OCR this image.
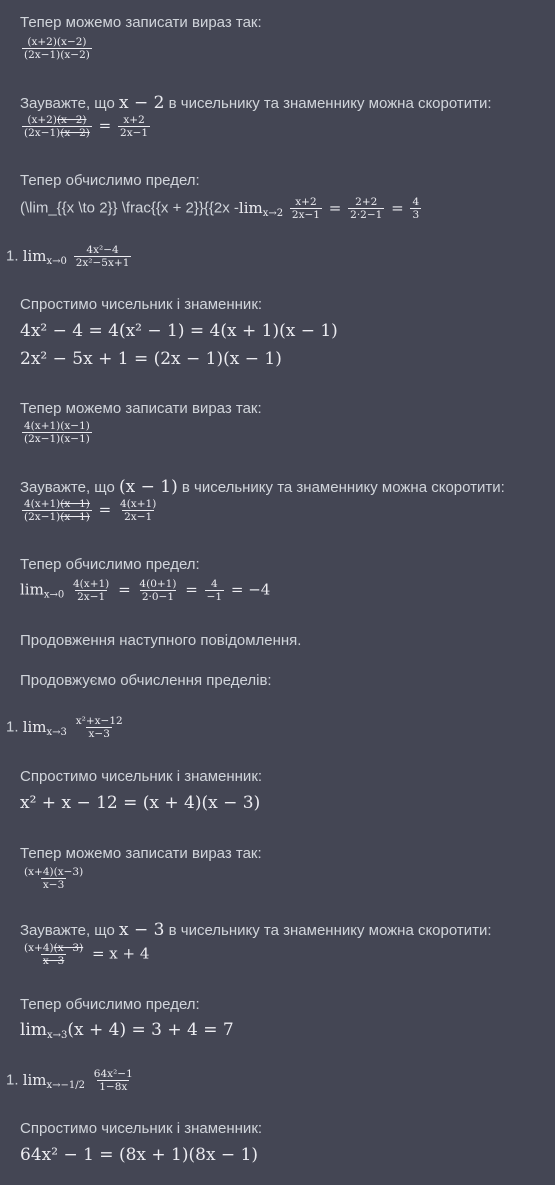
Тепер можемо записати вираз так:
$\frac{(x+2)(x-2)}{(2x-1)(x-2)}$
Зауважте, що x − 2 в чисельнику та знаменнику можна скоротити:
$\frac{(x+2)(x-2)}{(2x-1)(x-2)} = \frac{x+2}{2x-1}$
Тепер обчислимо предел:
(\lim_{{x \to 2}} \frac{{x + 2}}{{2x $-\lim_{x\to 2} \frac{x+2}{2x-1} = \frac{2+2}{2\cdot 2-1} = \frac{4}{3}$
1. $\lim_{x\to 0} \frac{\text{4x²−4}}{\text{2x²−5x+1}}$
Спростимо чисельник і знаменник:
4x² − 4 = 4(x² − 1) = 4(x + 1)(x − 1)
2x² − 5x + 1 = (2x − 1)(x − 1)
Тепер можемо записати вираз так:
$\frac{4(x+1)(x-1)}{(2x-1)(x-1)}$
Зауважте, що (x − 1) в чисельнику та знаменнику можна скоротити:
$\frac{4(x+1)(x-1)}{(2x-1)(x-1)} = \frac{4(x+1)}{2x-1}$
Тепер обчислимо предел:
$\lim_{x\to 0} \frac{4(x+1)}{2x-1} = \frac{4(0+1)}{2\cdot 0-1} = \frac{4}{-1} = -4$
Продовження наступного повідомлення.
Продовжуємо обчислення пределів:
1. $\lim_{x\to 3} \frac{\text{x²+x−12}}{x-3}$
Спростимо чисельник і знаменник:
x² + x − 12 = (x + 4)(x − 3)
Тепер можемо записати вираз так:
$\frac{(x+4)(x-3)}{x-3}$
Зауважте, що x − 3 в чисельнику та знаменнику можна скоротити:
$\frac{(x+4)(x-3)}{x-3} = x + 4$
Тепер обчислимо предел:
$\lim_{x\to 3}(x + 4) = 3 + 4 = 7$
1. $\lim_{x\to-1/2} \frac{\text{64x²−1}}{1-8x}$
Спростимо чисельник і знаменник:
64x² − 1 = (8x + 1)(8x − 1)
